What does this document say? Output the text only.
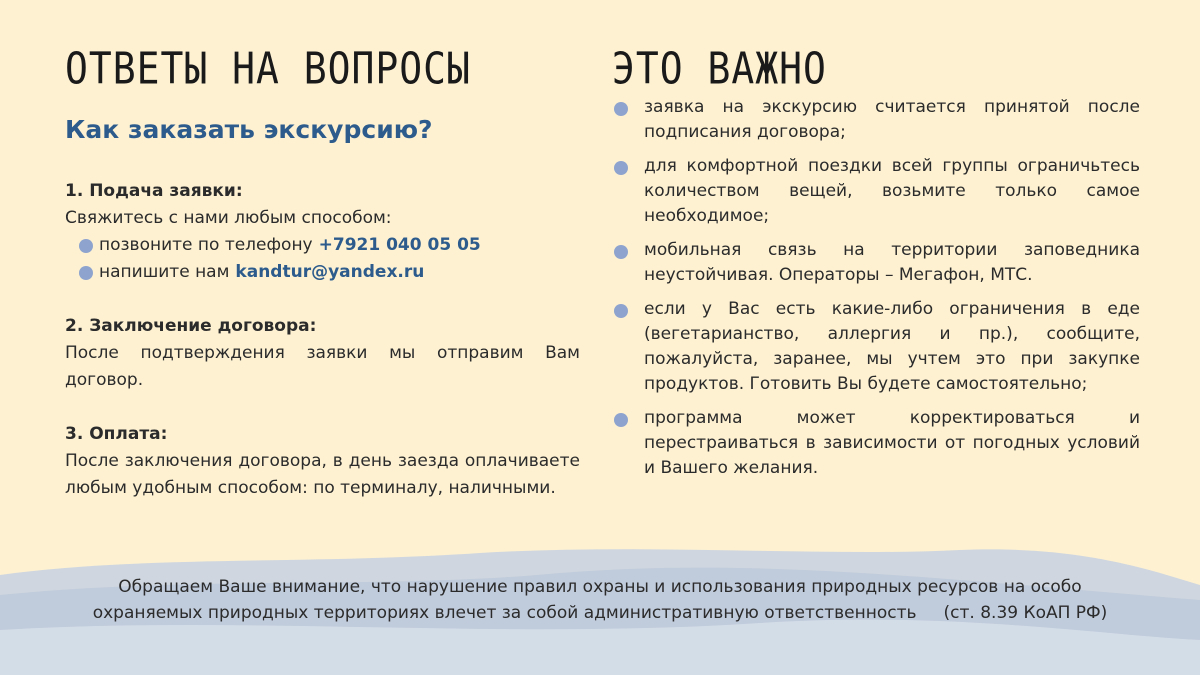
ОТВЕТЫ НА ВОПРОСЫ
Как заказать экскурсию?
1. Подача заявки:

Свяжитесь с нами любым способом:

позвоните по телефону +7921 040 05 05
напишите нам kandtur@yandex.ru
2. Заключение договора:

После подтверждения заявки мы отправим Вам договор.

3. Оплата:

После заключения договора, в день заезда оплачиваете любым удобным способом: по терминалу, наличными.

ЭТО ВАЖНО
заявка на экскурсию считается принятой после подписания договора;
для комфортной поездки всей группы ограничьтесь количеством вещей, возьмите только самое необходимое;
мобильная связь на территории заповедника неустойчивая. Операторы – Мегафон, МТС.
если у Вас есть какие-либо ограничения в еде (вегетарианство, аллергия и пр.), сообщите, пожалуйста, заранее, мы учтем это при закупке продуктов. Готовить Вы будете самостоятельно;
программа может корректироваться и перестраиваться в зависимости от погодных условий и Вашего желания.
Обращаем Ваше внимание, что нарушение правил охраны и использования природных ресурсов на особо
охраняемых природных территориях влечет за собой административную ответственность     (ст. 8.39 КоАП РФ)
